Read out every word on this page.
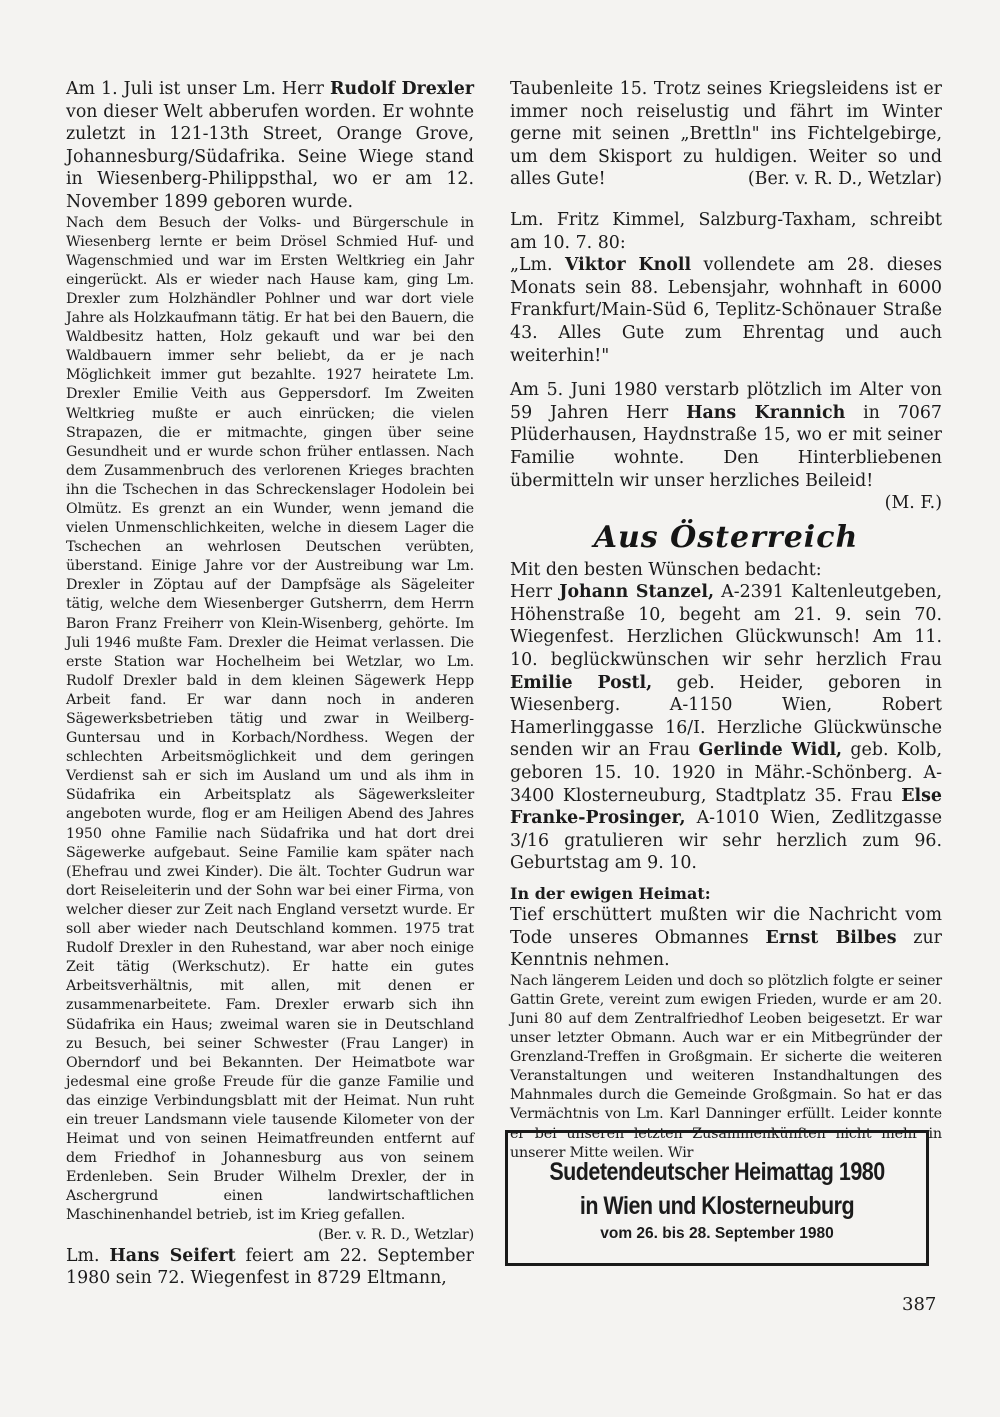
Am 1. Juli ist unser Lm. Herr Rudolf Drexler von dieser Welt abberufen worden. Er wohnte zuletzt in 121-13th Street, Orange Grove, Johannesburg/Südafrika. Seine Wiege stand in Wiesenberg-Philippsthal, wo er am 12. November 1899 geboren wurde.

Nach dem Besuch der Volks- und Bürgerschule in Wiesenberg lernte er beim Drösel Schmied Huf- und Wagenschmied und war im Ersten Weltkrieg ein Jahr eingerückt. Als er wieder nach Hause kam, ging Lm. Drexler zum Holzhändler Pohlner und war dort viele Jahre als Holzkaufmann tätig. Er hat bei den Bauern, die Waldbesitz hatten, Holz gekauft und war bei den Waldbauern immer sehr beliebt, da er je nach Möglichkeit immer gut bezahlte. 1927 heiratete Lm. Drexler Emilie Veith aus Geppersdorf. Im Zweiten Weltkrieg mußte er auch einrücken; die vielen Strapazen, die er mitmachte, gingen über seine Gesundheit und er wurde schon früher entlassen. Nach dem Zusammenbruch des verlorenen Krieges brachten ihn die Tschechen in das Schreckenslager Hodolein bei Olmütz. Es grenzt an ein Wunder, wenn jemand die vielen Unmenschlichkeiten, welche in diesem Lager die Tschechen an wehrlosen Deutschen verübten, überstand. Einige Jahre vor der Austreibung war Lm. Drexler in Zöptau auf der Dampfsäge als Sägeleiter tätig, welche dem Wiesenberger Gutsherrn, dem Herrn Baron Franz Freiherr von Klein-Wisenberg, gehörte. Im Juli 1946 mußte Fam. Drexler die Heimat verlassen. Die erste Station war Hochelheim bei Wetzlar, wo Lm. Rudolf Drexler bald in dem kleinen Sägewerk Hepp Arbeit fand. Er war dann noch in anderen Sägewerksbetrieben tätig und zwar in Weilberg-Guntersau und in Korbach/Nordhess. Wegen der schlechten Arbeitsmöglichkeit und dem geringen Verdienst sah er sich im Ausland um und als ihm in Südafrika ein Arbeitsplatz als Sägewerksleiter angeboten wurde, flog er am Heiligen Abend des Jahres 1950 ohne Familie nach Südafrika und hat dort drei Sägewerke aufgebaut. Seine Familie kam später nach (Ehefrau und zwei Kinder). Die ält. Tochter Gudrun war dort Reiseleiterin und der Sohn war bei einer Firma, von welcher dieser zur Zeit nach England versetzt wurde. Er soll aber wieder nach Deutschland kommen. 1975 trat Rudolf Drexler in den Ruhestand, war aber noch einige Zeit tätig (Werkschutz). Er hatte ein gutes Arbeitsverhältnis, mit allen, mit denen er zusammenarbeitete. Fam. Drexler erwarb sich ihn Südafrika ein Haus; zweimal waren sie in Deutschland zu Besuch, bei seiner Schwester (Frau Langer) in Oberndorf und bei Bekannten. Der Heimatbote war jedesmal eine große Freude für die ganze Familie und das einzige Verbindungsblatt mit der Heimat. Nun ruht ein treuer Landsmann viele tausende Kilometer von der Heimat und von seinen Heimatfreunden entfernt auf dem Friedhof in Johannesburg aus von seinem Erdenleben. Sein Bruder Wilhelm Drexler, der in Aschergrund einen landwirtschaftlichen Maschinenhandel betrieb, ist im Krieg gefallen.
(Ber. v. R. D., Wetzlar)

Lm. Hans Seifert feiert am 22. September 1980 sein 72. Wiegenfest in 8729 Eltmann,

Taubenleite 15. Trotz seines Kriegsleidens ist er immer noch reiselustig und fährt im Winter gerne mit seinen „Brettln" ins Fichtelgebirge, um dem Skisport zu huldigen. Weiter so und alles Gute!	(Ber. v. R. D., Wetzlar)

Lm. Fritz Kimmel, Salzburg-Taxham, schreibt am 10. 7. 80:

„Lm. Viktor Knoll vollendete am 28. dieses Monats sein 88. Lebensjahr, wohnhaft in 6000 Frankfurt/Main-Süd 6, Teplitz-Schönauer Straße 43. Alles Gute zum Ehrentag und auch weiterhin!"

Am 5. Juni 1980 verstarb plötzlich im Alter von 59 Jahren Herr Hans Krannich in 7067 Plüderhausen, Haydnstraße 15, wo er mit seiner Familie wohnte. Den Hinterbliebenen übermitteln wir unser herzliches Beileid!

(M. F.)
Aus Österreich

Mit den besten Wünschen bedacht:

Herr Johann Stanzel, A-2391 Kaltenleutgeben, Höhenstraße 10, begeht am 21. 9. sein 70. Wiegenfest. Herzlichen Glückwunsch! Am 11. 10. beglückwünschen wir sehr herzlich Frau Emilie Postl, geb. Heider, geboren in Wiesenberg. A-1150 Wien, Robert Hamerlinggasse 16/I. Herzliche Glückwünsche senden wir an Frau Gerlinde Widl, geb. Kolb, geboren 15. 10. 1920 in Mähr.-Schönberg. A-3400 Klosterneuburg, Stadtplatz 35. Frau Else Franke-Prosinger, A-1010 Wien, Zedlitzgasse 3/16 gratulieren wir sehr herzlich zum 96. Geburtstag am 9. 10.

In der ewigen Heimat:

Tief erschüttert mußten wir die Nachricht vom Tode unseres Obmannes Ernst Bilbes zur Kenntnis nehmen.

Nach längerem Leiden und doch so plötzlich folgte er seiner Gattin Grete, vereint zum ewigen Frieden, wurde er am 20. Juni 80 auf dem Zentralfriedhof Leoben beigesetzt. Er war unser letzter Obmann. Auch war er ein Mitbegründer der Grenzland-Treffen in Großgmain. Er sicherte die weiteren Veranstaltungen und weiteren Instandhaltungen des Mahnmales durch die Gemeinde Großgmain. So hat er das Vermächtnis von Lm. Karl Danninger erfüllt. Leider konnte er bei unseren letzten Zusammenkünften nicht mehr in unserer Mitte weilen. Wir

Sudetendeutscher Heimattag 1980
in Wien und Klosterneuburg
vom 26. bis 28. September 1980
387
